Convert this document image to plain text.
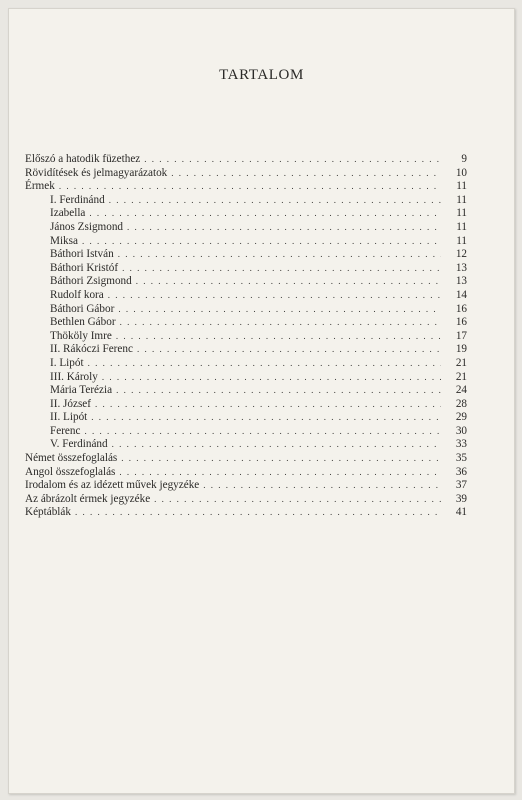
TARTALOM
Előszó a hatodik füzethez . . .	9
Rövidítések és jelmagyarázatok . . .	10
Érmek . . .	11
I. Ferdinánd . . .	11
Izabella . . .	11
János Zsigmond . . .	11
Miksa . . .	11
Báthori István . . .	12
Báthori Kristóf . . .	13
Báthori Zsigmond . . .	13
Rudolf kora . . .	14
Báthori Gábor . . .	16
Bethlen Gábor . . .	16
Thököly Imre . . .	17
II. Rákóczi Ferenc . . .	19
I. Lipót . . .	21
III. Károly . . .	21
Mária Terézia . . .	24
II. József . . .	28
II. Lipót . . .	29
Ferenc . . .	30
V. Ferdinánd . . .	33
Német összefoglalás . . .	35
Angol összefoglalás . . .	36
Irodalom és az idézett művek jegyzéke . . .	37
Az ábrázolt érmek jegyzéke . . .	39
Képtáblák . . .	41
